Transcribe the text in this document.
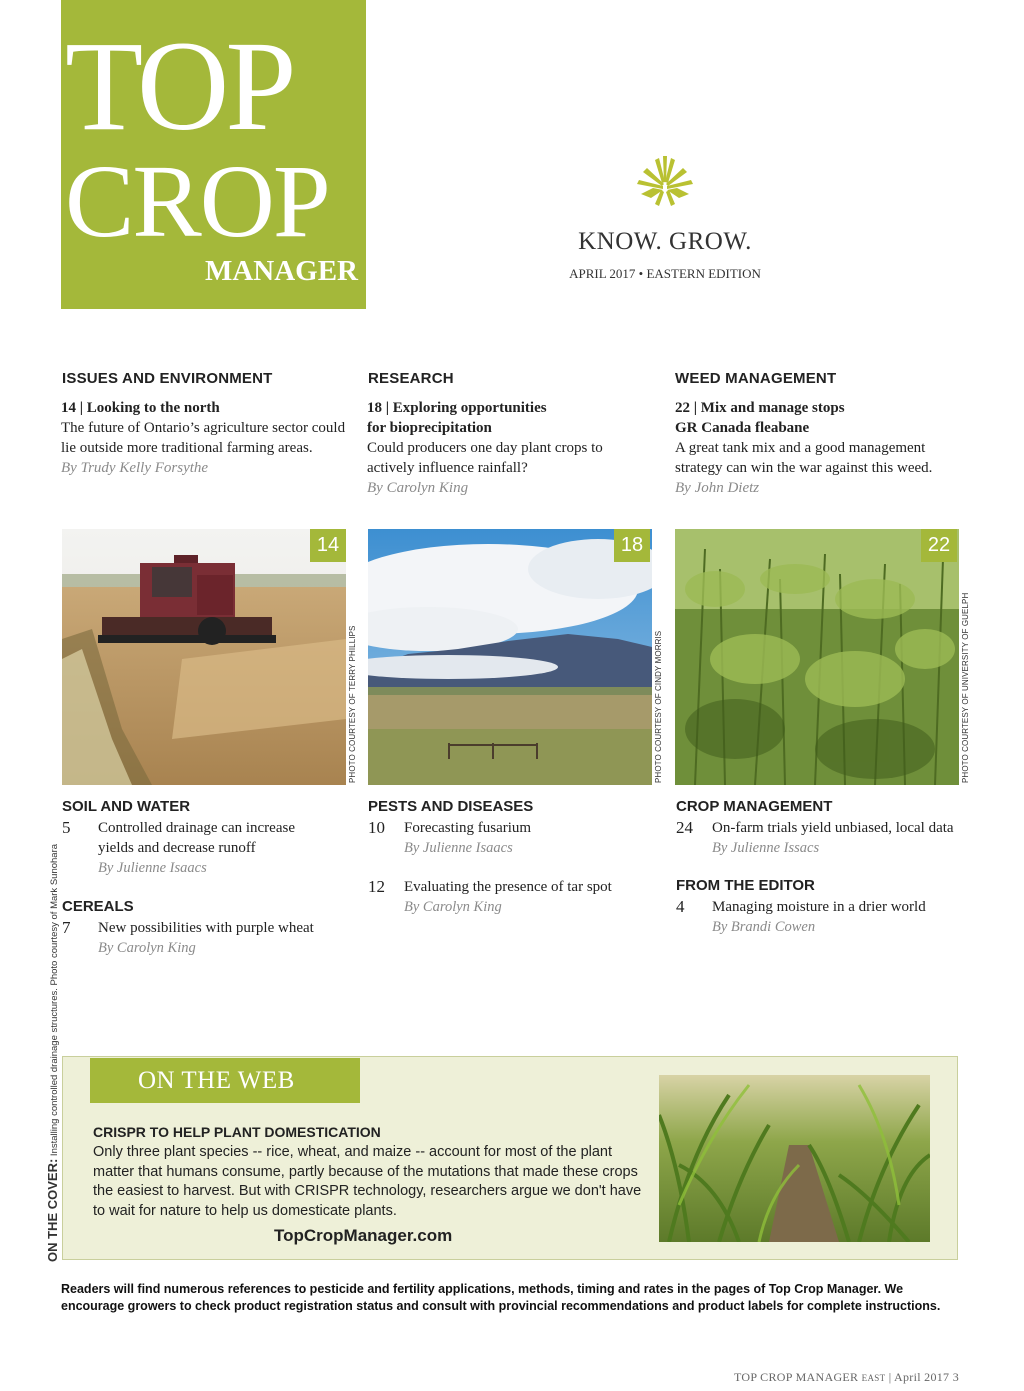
TOP
CROP
MANAGER
KNOW. GROW.
APRIL 2017 • EASTERN EDITION
ISSUES AND ENVIRONMENT
14 | Looking to the north
The future of Ontario’s agriculture sector could lie outside more traditional farming areas.
By Trudy Kelly Forsythe
RESEARCH
18 | Exploring opportunities
for bioprecipitation
Could producers one day plant crops to actively influence rainfall?
By Carolyn King
WEED MANAGEMENT
22 | Mix and manage stops
GR Canada fleabane
A great tank mix and a good management strategy can win the war against this weed.
By John Dietz
14
PHOTO COURTESY OF TERRY PHILLIPS
18
PHOTO COURTESY OF CINDY MORRIS
22
PHOTO COURTESY OF UNIVERSITY OF GUELPH
SOIL AND WATER
5 Controlled drainage can increase yields and decrease runoff
By Julienne Isaacs
CEREALS
7 New possibilities with purple wheat
By Carolyn King
PESTS AND DISEASES
10 Forecasting fusarium
By Julienne Isaacs
12 Evaluating the presence of tar spot
By Carolyn King
CROP MANAGEMENT
24 On-farm trials yield unbiased, local data
By Julienne Issacs
FROM THE EDITOR
4 Managing moisture in a drier world
By Brandi Cowen
ON THE COVER: Installing controlled drainage structures. Photo courtesy of Mark Sunohara	ON THE WEB
CRISPR TO HELP PLANT DOMESTICATION
Only three plant species -- rice, wheat, and maize -- account for most of the plant matter that humans consume, partly because of the mutations that made these crops the easiest to harvest. But with CRISPR technology, researchers argue we don't have to wait for nature to help us domesticate plants.
TopCropManager.com
Readers will find numerous references to pesticide and fertility applications, methods, timing and rates in the pages of Top Crop Manager. We encourage growers to check product registration status and consult with provincial recommendations and product labels for complete instructions.
TOP CROP MANAGER EAST | April 2017 3
